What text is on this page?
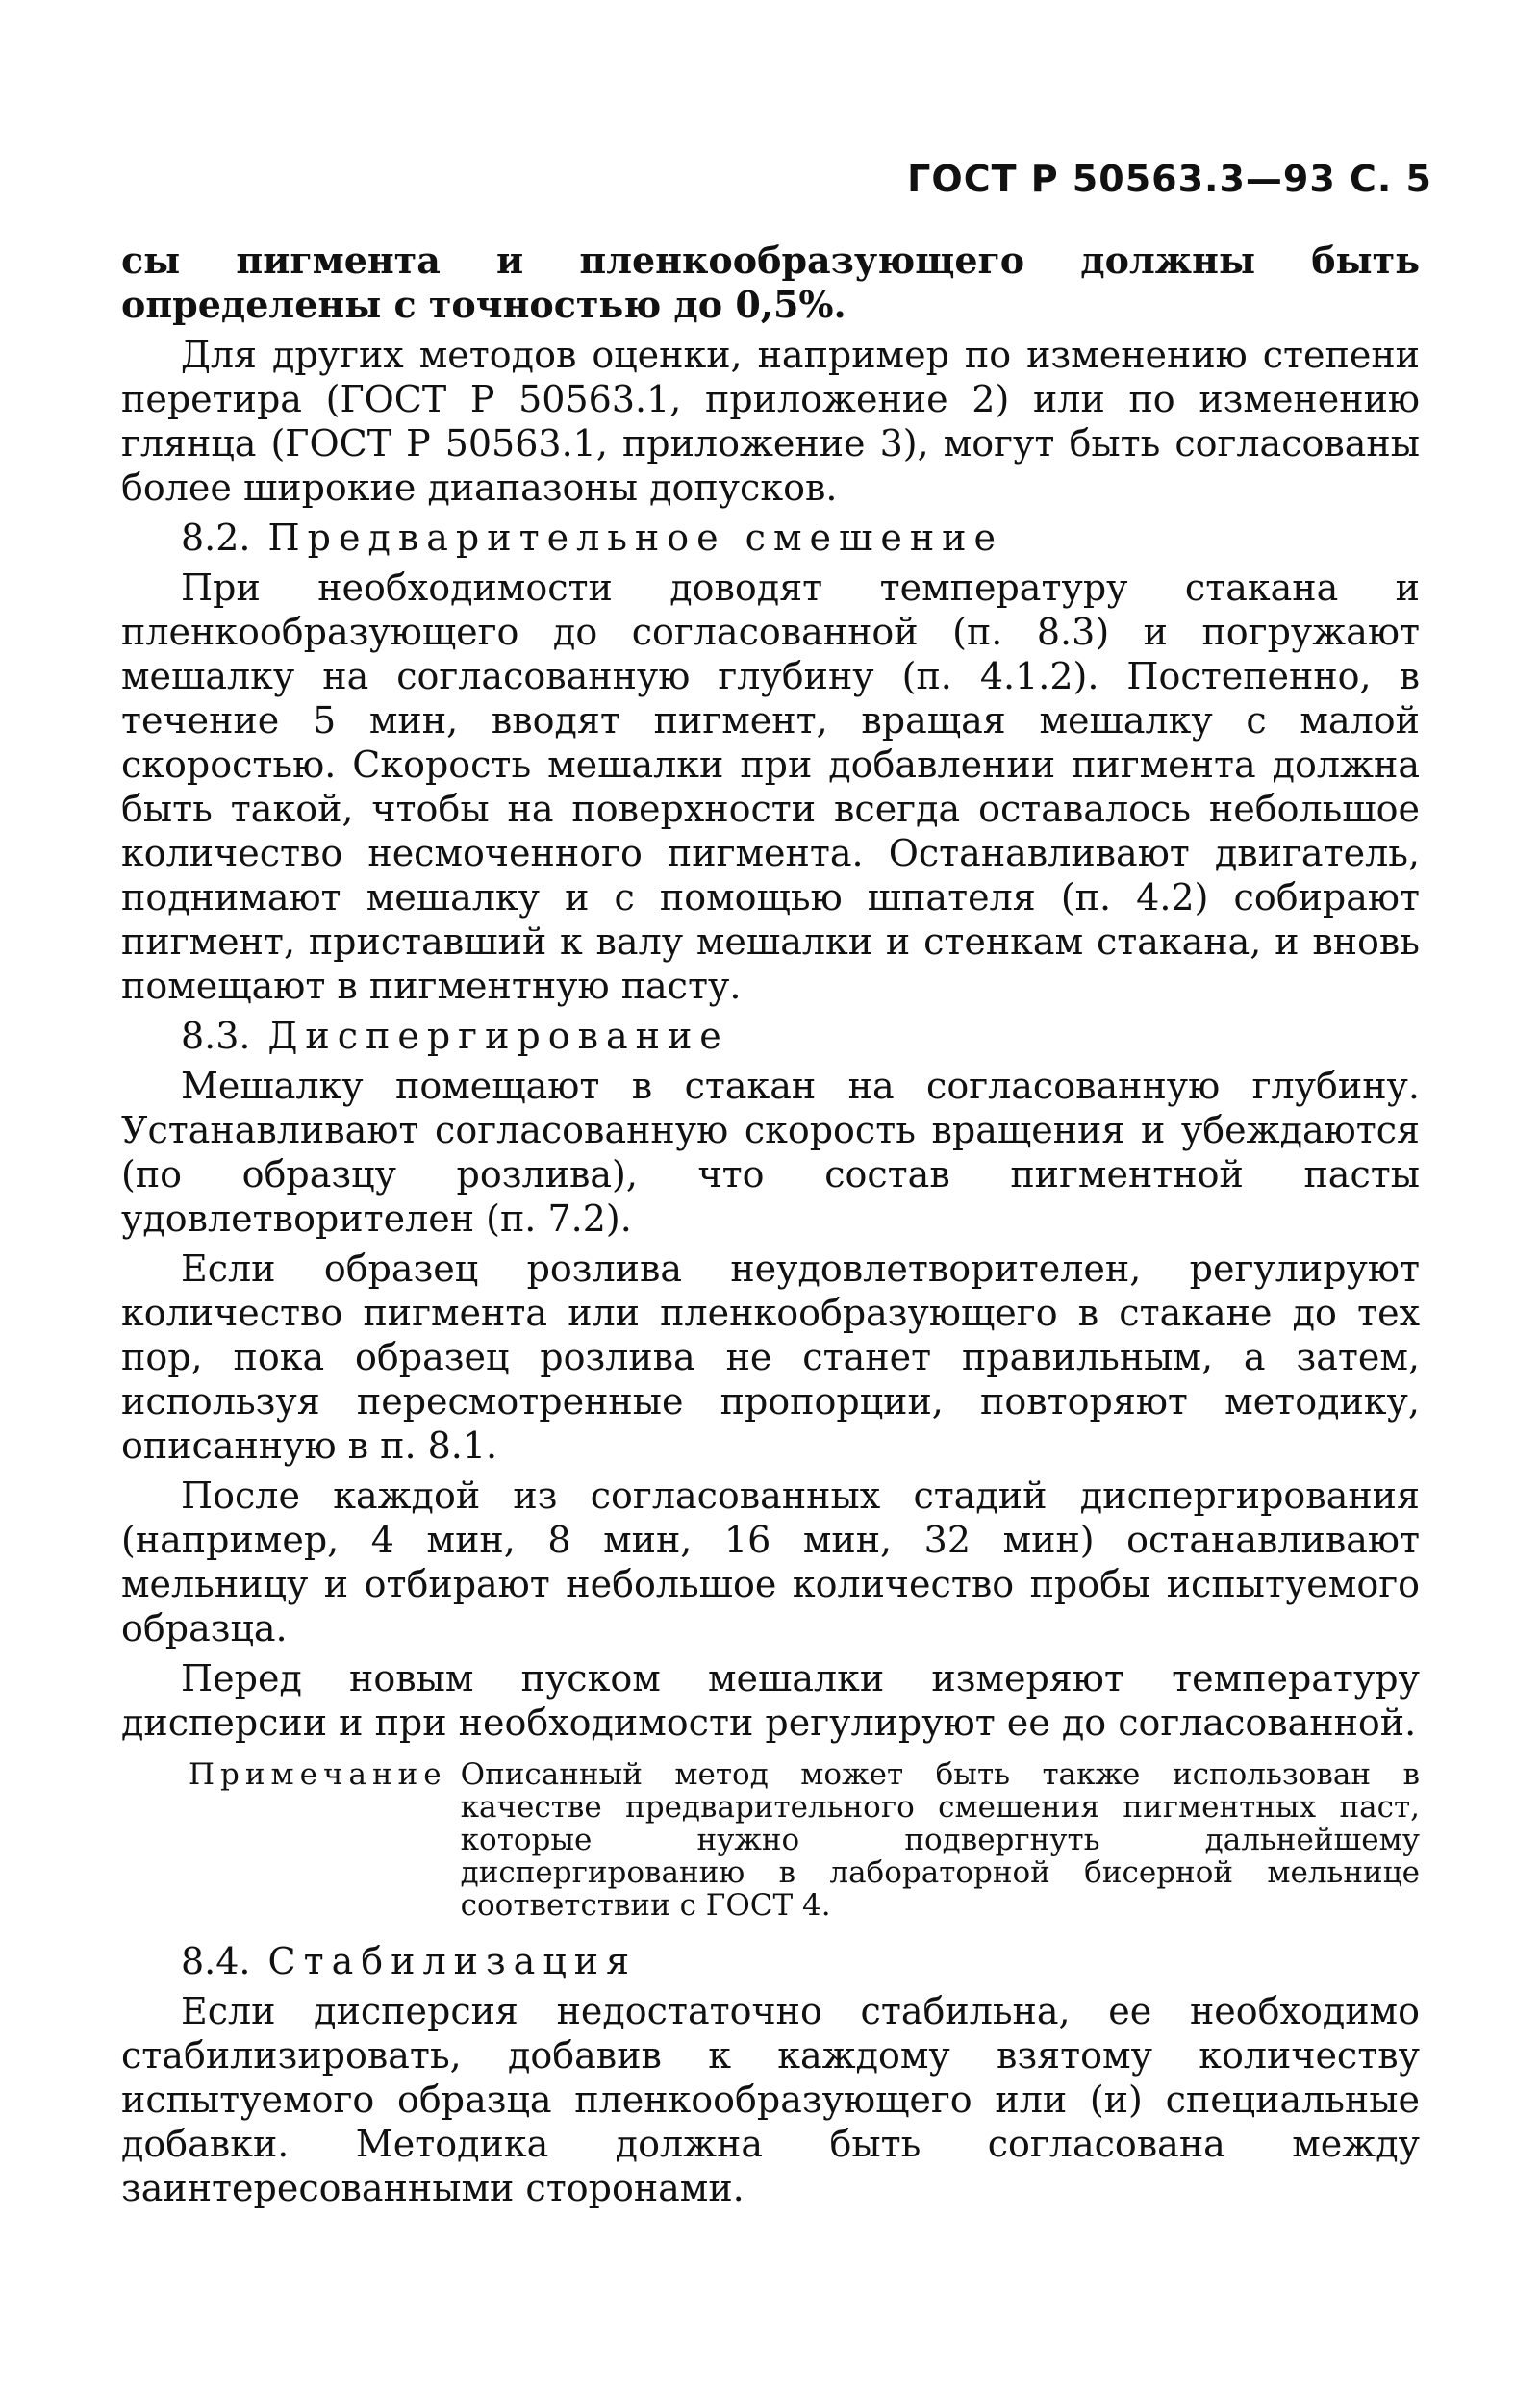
ГОСТ Р 50563.3—93 С. 5

сы пигмента и пленкообразующего должны быть определены с точностью до 0,5%.

Для других методов оценки, например по изменению степени перетира (ГОСТ Р 50563.1, приложение 2) или по изменению глянца (ГОСТ Р 50563.1, приложение 3), могут быть согласованы более широкие диапазоны допусков.

8.2. Предварительное смешение

При необходимости доводят температуру стакана и пленкообразующего до согласованной (п. 8.3) и погружают мешалку на согласованную глубину (п. 4.1.2). Постепенно, в течение 5 мин, вводят пигмент, вращая мешалку с малой скоростью. Скорость мешалки при добавлении пигмента должна быть такой, чтобы на поверхности всегда оставалось небольшое количество несмоченного пигмента. Останавливают двигатель, поднимают мешалку и с помощью шпателя (п. 4.2) собирают пигмент, приставший к валу мешалки и стенкам стакана, и вновь помещают в пигментную пасту.

8.3. Диспергирование

Мешалку помещают в стакан на согласованную глубину. Устанавливают согласованную скорость вращения и убеждаются (по образцу розлива), что состав пигментной пасты удовлетворителен (п. 7.2).

Если образец розлива неудовлетворителен, регулируют количество пигмента или пленкообразующего в стакане до тех пор, пока образец розлива не станет правильным, а затем, используя пересмотренные пропорции, повторяют методику, описанную в п. 8.1.

После каждой из согласованных стадий диспергирования (например, 4 мин, 8 мин, 16 мин, 32 мин) останавливают мельницу и отбирают небольшое количество пробы испытуемого образца.

Перед новым пуском мешалки измеряют температуру дисперсии и при необходимости регулируют ее до согласованной.

Примечание Описанный метод может быть также использован в качестве предварительного смешения пигментных паст, которые нужно подвергнуть дальнейшему диспергированию в лабораторной бисерной мельнице соответствии с ГОСТ 4.
8.4. Стабилизация

Если дисперсия недостаточно стабильна, ее необходимо стабилизировать, добавив к каждому взятому количеству испытуемого образца пленкообразующего или (и) специальные добавки. Методика должна быть согласована между заинтересованными сторонами.
